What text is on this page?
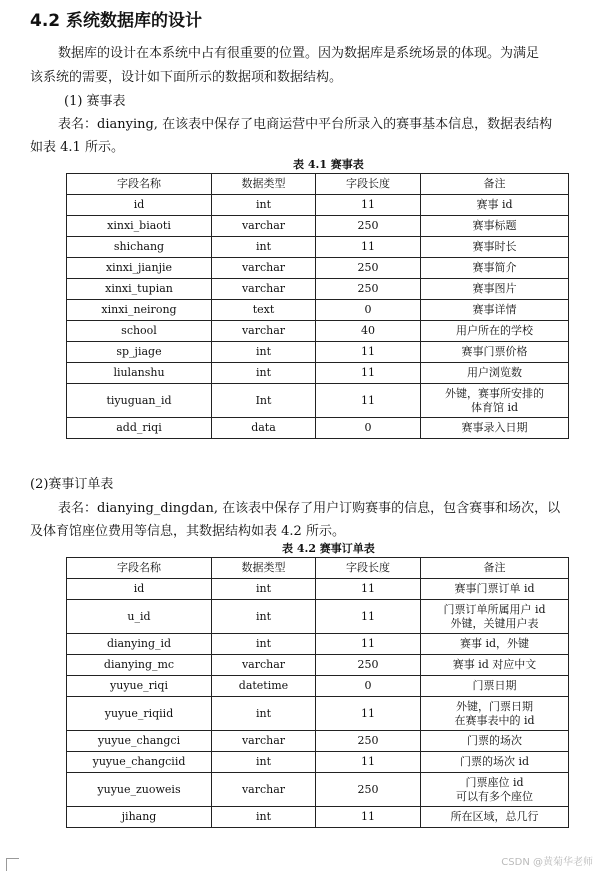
4.2 系统数据库的设计
数据库的设计在本系统中占有很重要的位置。因为数据库是系统场景的体现。为满足
该系统的需要，设计如下面所示的数据项和数据结构。
(1) 赛事表
表名：dianying, 在该表中保存了电商运营中平台所录入的赛事基本信息，数据表结构
如表 4.1 所示。
表 4.1 赛事表
字段名称	数据类型	字段长度	备注
id	int	11	赛事 id
xinxi_biaoti	varchar	250	赛事标题
shichang	int	11	赛事时长
xinxi_jianjie	varchar	250	赛事简介
xinxi_tupian	varchar	250	赛事图片
xinxi_neirong	text	0	赛事详情
school	varchar	40	用户所在的学校
sp_jiage	int	11	赛事门票价格
liulanshu	int	11	用户浏览数
tiyuguan_id	Int	11	外键，赛事所安排的
体育馆 id
add_riqi	data	0	赛事录入日期
(2)赛事订单表
表名：dianying_dingdan, 在该表中保存了用户订购赛事的信息，包含赛事和场次，以
及体育馆座位费用等信息，其数据结构如表 4.2 所示。
表 4.2 赛事订单表
字段名称	数据类型	字段长度	备注
id	int	11	赛事门票订单 id
u_id	int	11	门票订单所属用户 id
外键，关键用户表
dianying_id	int	11	赛事 id，外键
dianying_mc	varchar	250	赛事 id 对应中文
yuyue_riqi	datetime	0	门票日期
yuyue_riqiid	int	11	外键，门票日期
在赛事表中的 id
yuyue_changci	varchar	250	门票的场次
yuyue_changciid	int	11	门票的场次 id
yuyue_zuoweis	varchar	250	门票座位 id
可以有多个座位
jihang	int	11	所在区域，总几行
CSDN @黄菊华老师
